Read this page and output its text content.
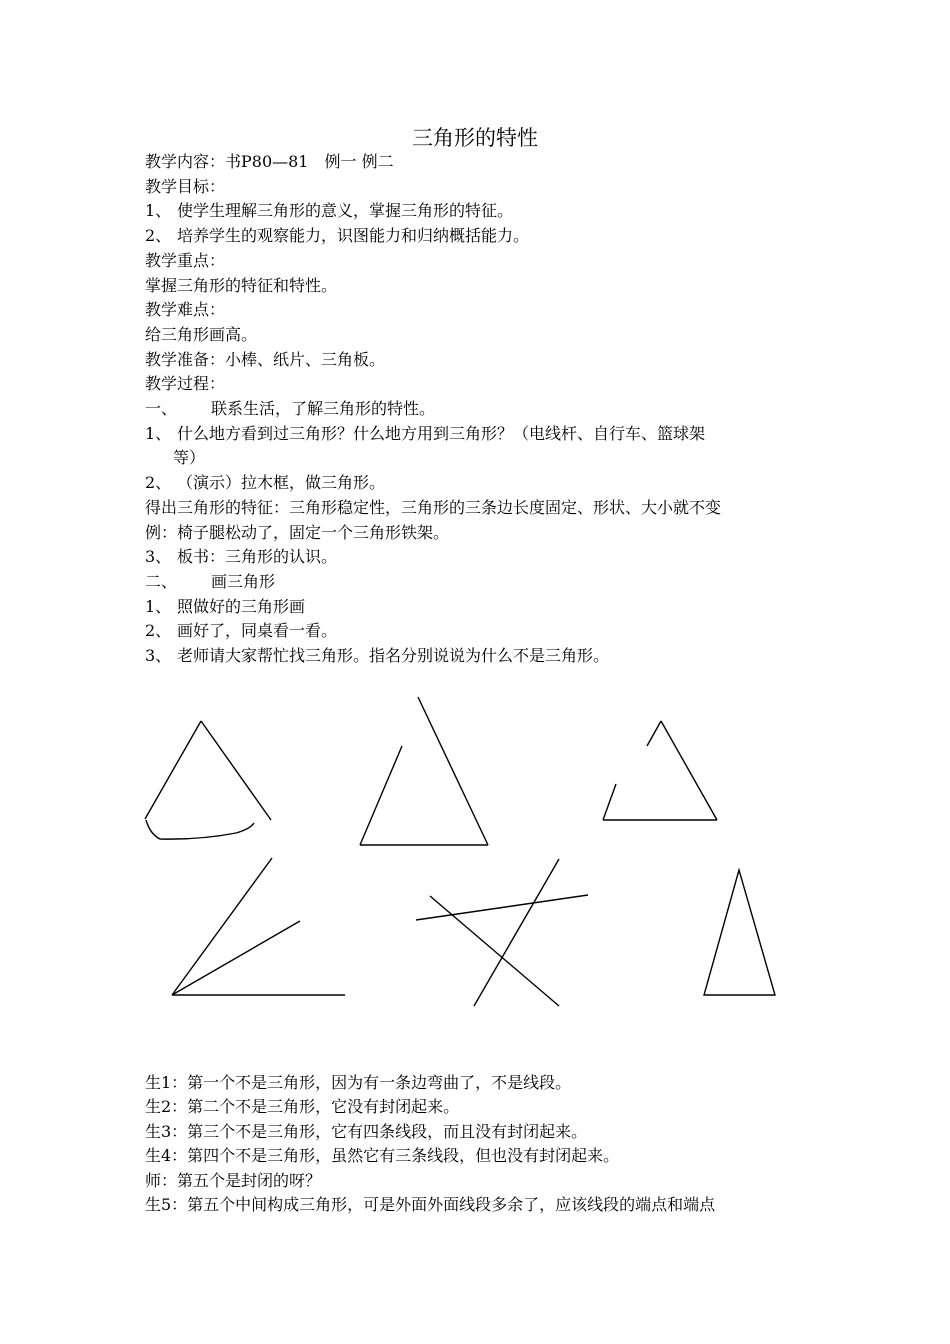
三角形的特性
教学内容：书P80—81　例一 例二
教学目标：
1、 使学生理解三角形的意义，掌握三角形的特征。
2、 培养学生的观察能力，识图能力和归纳概括能力。
教学重点：
掌握三角形的特征和特性。
教学难点：
给三角形画高。
教学准备：小棒、纸片、三角板。
教学过程：
一、 联系生活，了解三角形的特性。
1、 什么地方看到过三角形？什么地方用到三角形？（电线杆、自行车、篮球架
等）
2、 （演示）拉木框，做三角形。
得出三角形的特征：三角形稳定性，三角形的三条边长度固定、形状、大小就不变
例：椅子腿松动了，固定一个三角形铁架。
3、 板书：三角形的认识。
二、 画三角形
1、 照做好的三角形画
2、 画好了，同桌看一看。
3、 老师请大家帮忙找三角形。指名分别说说为什么不是三角形。
生1：第一个不是三角形，因为有一条边弯曲了，不是线段。
生2：第二个不是三角形，它没有封闭起来。
生3：第三个不是三角形，它有四条线段，而且没有封闭起来。
生4：第四个不是三角形，虽然它有三条线段，但也没有封闭起来。
师：第五个是封闭的呀？
生5：第五个中间构成三角形，可是外面外面线段多余了，应该线段的端点和端点
